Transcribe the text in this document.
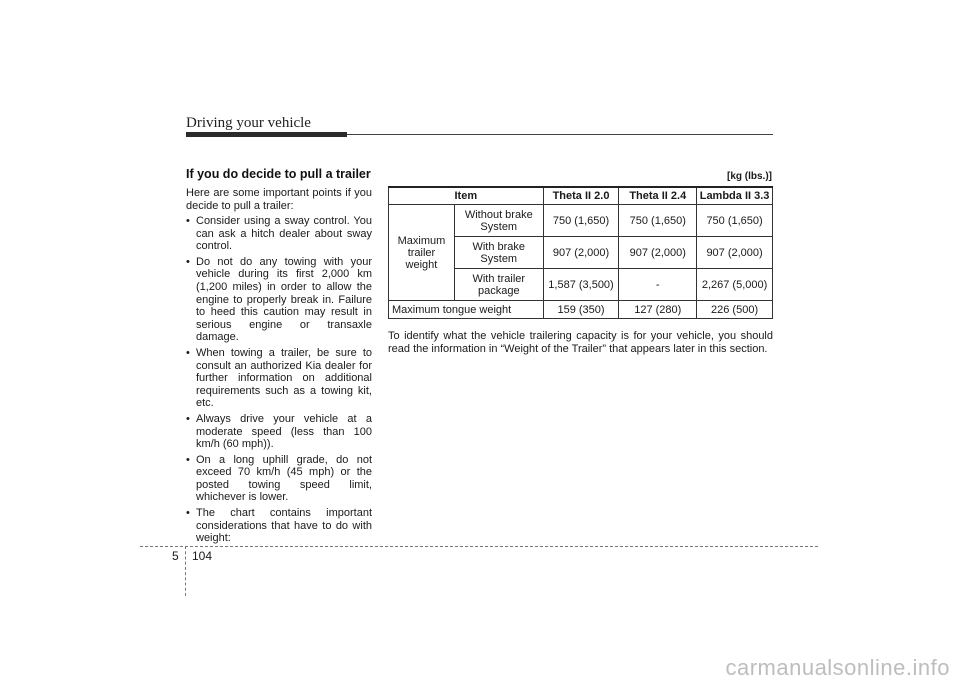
Driving your vehicle
If you do decide to pull a trailer

Here are some important points if you decide to pull a trailer:

• Consider using a sway control. You can ask a hitch dealer about sway control.
• Do not do any towing with your vehicle during its first 2,000 km (1,200 miles) in order to allow the engine to properly break in. Failure to heed this caution may result in serious engine or transaxle damage.
• When towing a trailer, be sure to consult an authorized Kia dealer for further information on additional requirements such as a towing kit, etc.
• Always drive your vehicle at a moderate speed (less than 100 km/h (60 mph)).
• On a long uphill grade, do not exceed 70 km/h (45 mph) or the posted towing speed limit, whichever is lower.
• The chart contains important considerations that have to do with weight:
[kg (lbs.)]
Item		Theta II 2.0	Theta II 2.4	Lambda II 3.3
Maximum trailer weight	Without brake System	750 (1,650)	750 (1,650)	750 (1,650)
	With brake System	907 (2,000)	907 (2,000)	907 (2,000)
	With trailer package	1,587 (3,500)	-	2,267 (5,000)
Maximum tongue weight		159 (350)	127 (280)	226 (500)

To identify what the vehicle trailering capacity is for your vehicle, you should read the information in “Weight of the Trailer” that appears later in this section.

5 104
carmanualsonline.info
